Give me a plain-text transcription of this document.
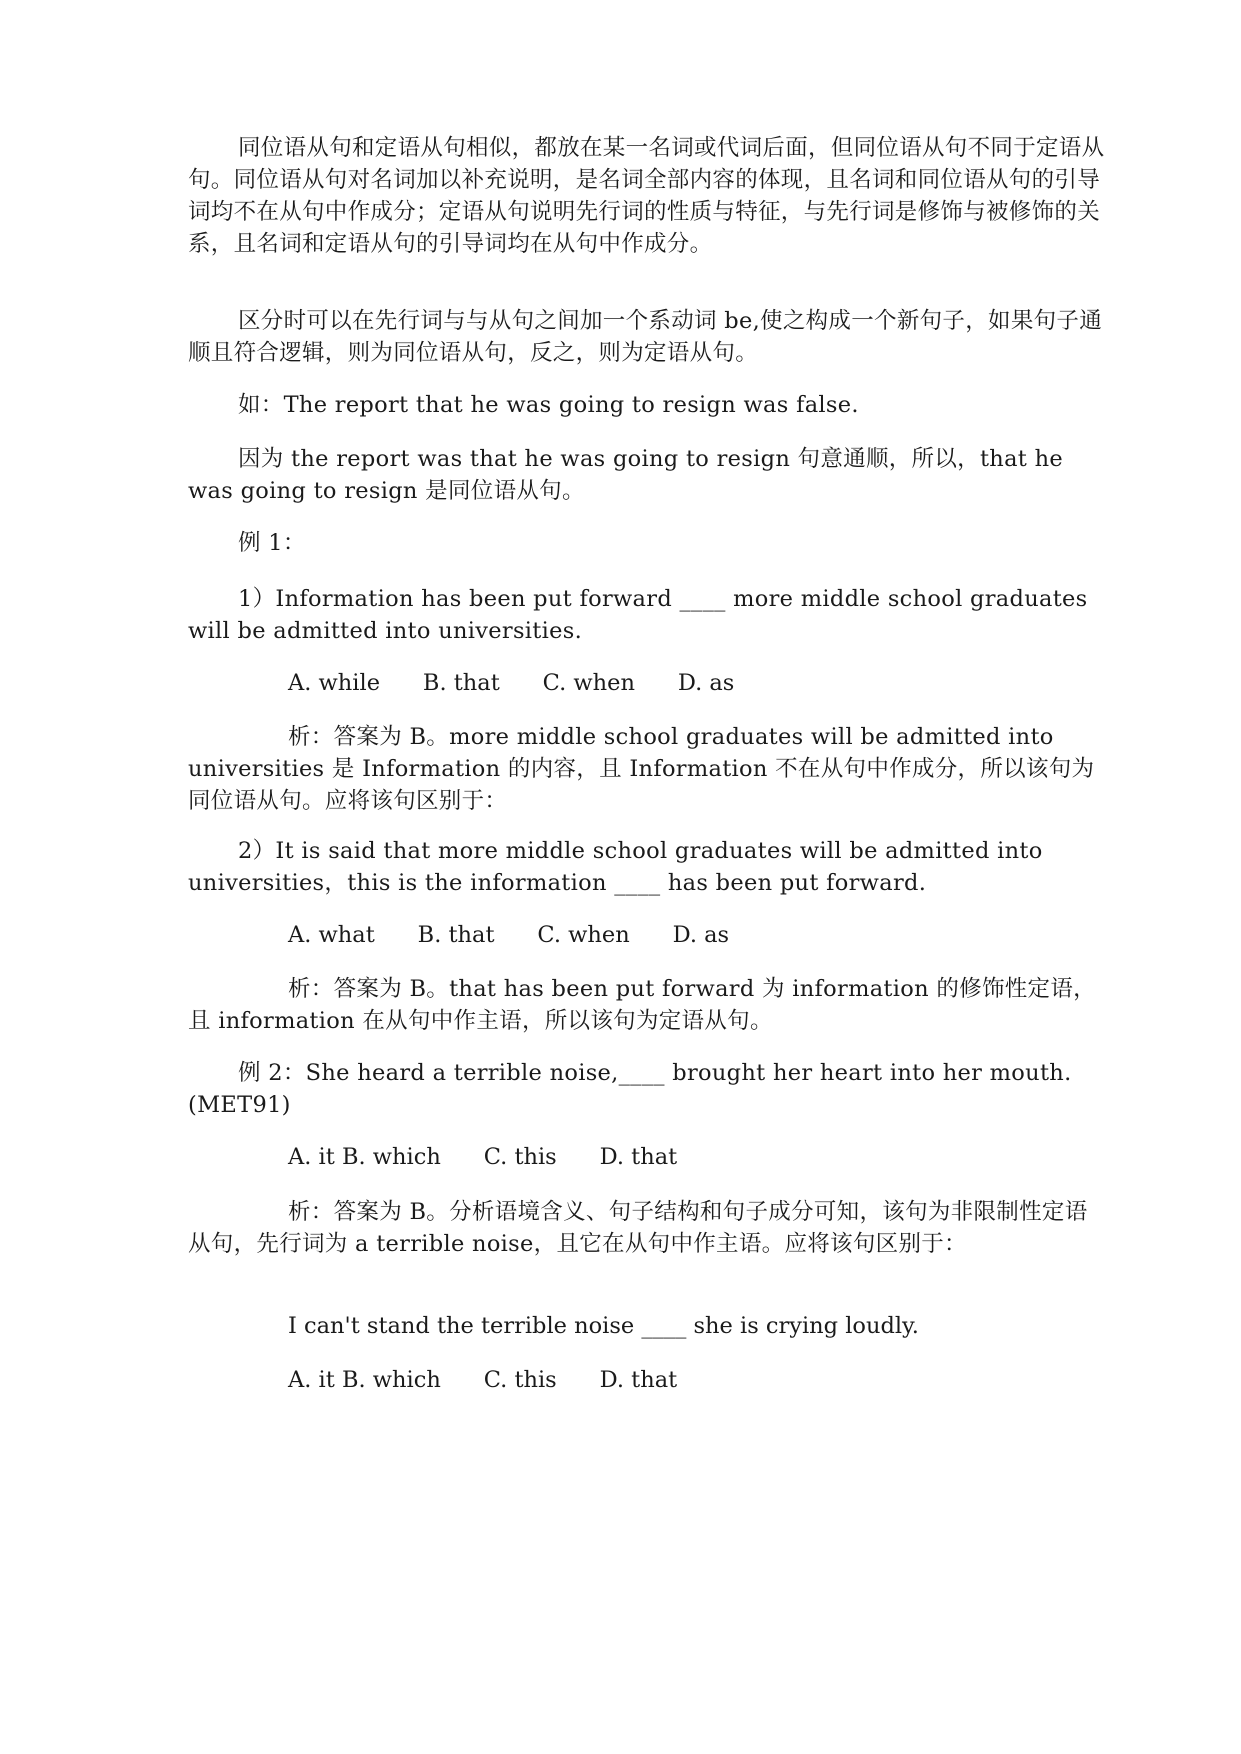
同位语从句和定语从句相似，都放在某一名词或代词后面，但同位语从句不同于定语从句。同位语从句对名词加以补充说明，是名词全部内容的体现，且名词和同位语从句的引导词均不在从句中作成分；定语从句说明先行词的性质与特征，与先行词是修饰与被修饰的关系，且名词和定语从句的引导词均在从句中作成分。
区分时可以在先行词与与从句之间加一个系动词 be,使之构成一个新句子，如果句子通顺且符合逻辑，则为同位语从句，反之，则为定语从句。
如：The report that he was going to resign was false.
因为 the report was that he was going to resign 句意通顺，所以，that he was going to resign 是同位语从句。
例 1：
1）Information has been put forward ____ more middle school graduates will be admitted into universities.
A. while      B. that      C. when      D. as
析：答案为 B。more middle school graduates will be admitted into universities 是 Information 的内容，且 Information 不在从句中作成分，所以该句为同位语从句。应将该句区别于：
2）It is said that more middle school graduates will be admitted into universities，this is the information ____ has been put forward.
A. what      B. that      C. when      D. as
析：答案为 B。that has been put forward 为 information 的修饰性定语，且 information 在从句中作主语，所以该句为定语从句。
例 2：She heard a terrible noise,____ brought her heart into her mouth.(MET91)
A. it B. which      C. this      D. that
析：答案为 B。分析语境含义、句子结构和句子成分可知，该句为非限制性定语从句，先行词为 a terrible noise，且它在从句中作主语。应将该句区别于：
I can't stand the terrible noise ____ she is crying loudly.
A. it B. which      C. this      D. that
